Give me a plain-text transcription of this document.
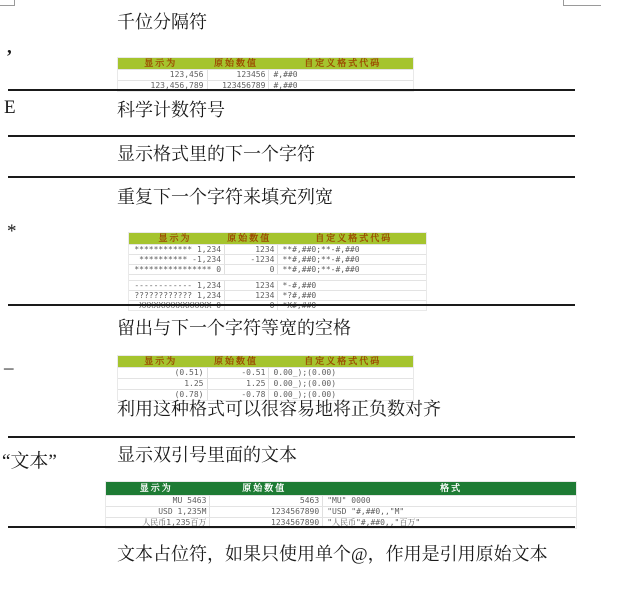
千位分隔符
,
显示为	原始数值	自定义格式代码
123,456	123456	#,##0
123,456,789	123456789	#,##0
E	科学计数符号
显示格式里的下一个字符
重复下一个字符来填充列宽
*	显示为	原始数值	自定义格式代码
************ 1,234	1234	**#,##0;**-#,##0
********** -1,234	-1234	**#,##0;**-#,##0
**************** 0	0	**#,##0;**-#,##0
------------ 1,234	1234	*-#,##0
???????????? 1,234	1234	*?#,##0
XXXXXXXXXXXXXXX 0	0	*X#,##0
留出与下一个字符等宽的空格
_	显示为	原始数值	自定义格式代码
(0.51)	-0.51	0.00_);(0.00)
1.25	1.25	0.00_);(0.00)
(0.78)	-0.78	0.00_);(0.00)
利用这种格式可以很容易地将正负数对齐
显示双引号里面的文本
“文本”
显示为	原始数值	格式
MU 5463	5463	"MU" 0000
USD 1,235M	1234567890	"USD "#,##0,,"M"
人民币1,235百万	1234567890	"人民币"#,##0,,"百万"
文本占位符，如果只使用单个@，作用是引用原始文本
